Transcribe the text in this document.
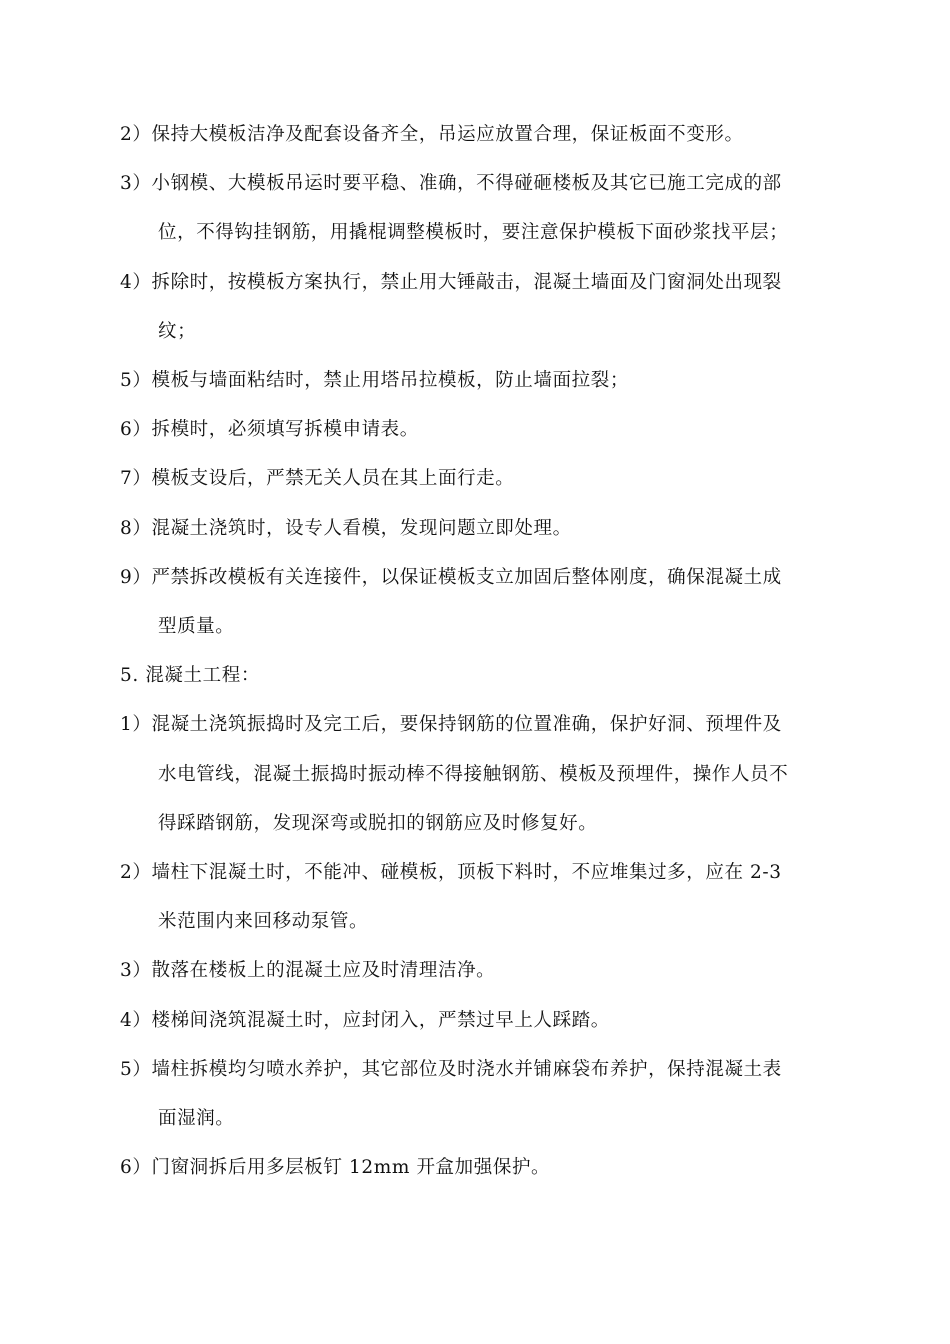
2）保持大模板洁净及配套设备齐全，吊运应放置合理，保证板面不变形。

3）小钢模、大模板吊运时要平稳、准确，不得碰砸楼板及其它已施工完成的部
位，不得钩挂钢筋，用撬棍调整模板时，要注意保护模板下面砂浆找平层；

4）拆除时，按模板方案执行，禁止用大锤敲击，混凝土墙面及门窗洞处出现裂
纹；

5）模板与墙面粘结时，禁止用塔吊拉模板，防止墙面拉裂；

6）拆模时，必须填写拆模申请表。

7）模板支设后，严禁无关人员在其上面行走。

8）混凝土浇筑时，设专人看模，发现问题立即处理。

9）严禁拆改模板有关连接件，以保证模板支立加固后整体刚度，确保混凝土成
型质量。

5. 混凝土工程：

1）混凝土浇筑振捣时及完工后，要保持钢筋的位置准确，保护好洞、预埋件及
水电管线，混凝土振捣时振动棒不得接触钢筋、模板及预埋件，操作人员不
得踩踏钢筋，发现深弯或脱扣的钢筋应及时修复好。

2）墙柱下混凝土时，不能冲、碰模板，顶板下料时，不应堆集过多，应在 2-3
米范围内来回移动泵管。

3）散落在楼板上的混凝土应及时清理洁净。

4）楼梯间浇筑混凝土时，应封闭入，严禁过早上人踩踏。

5）墙柱拆模均匀喷水养护，其它部位及时浇水并铺麻袋布养护，保持混凝土表
面湿润。

6）门窗洞拆后用多层板钉 12mm 开盒加强保护。
